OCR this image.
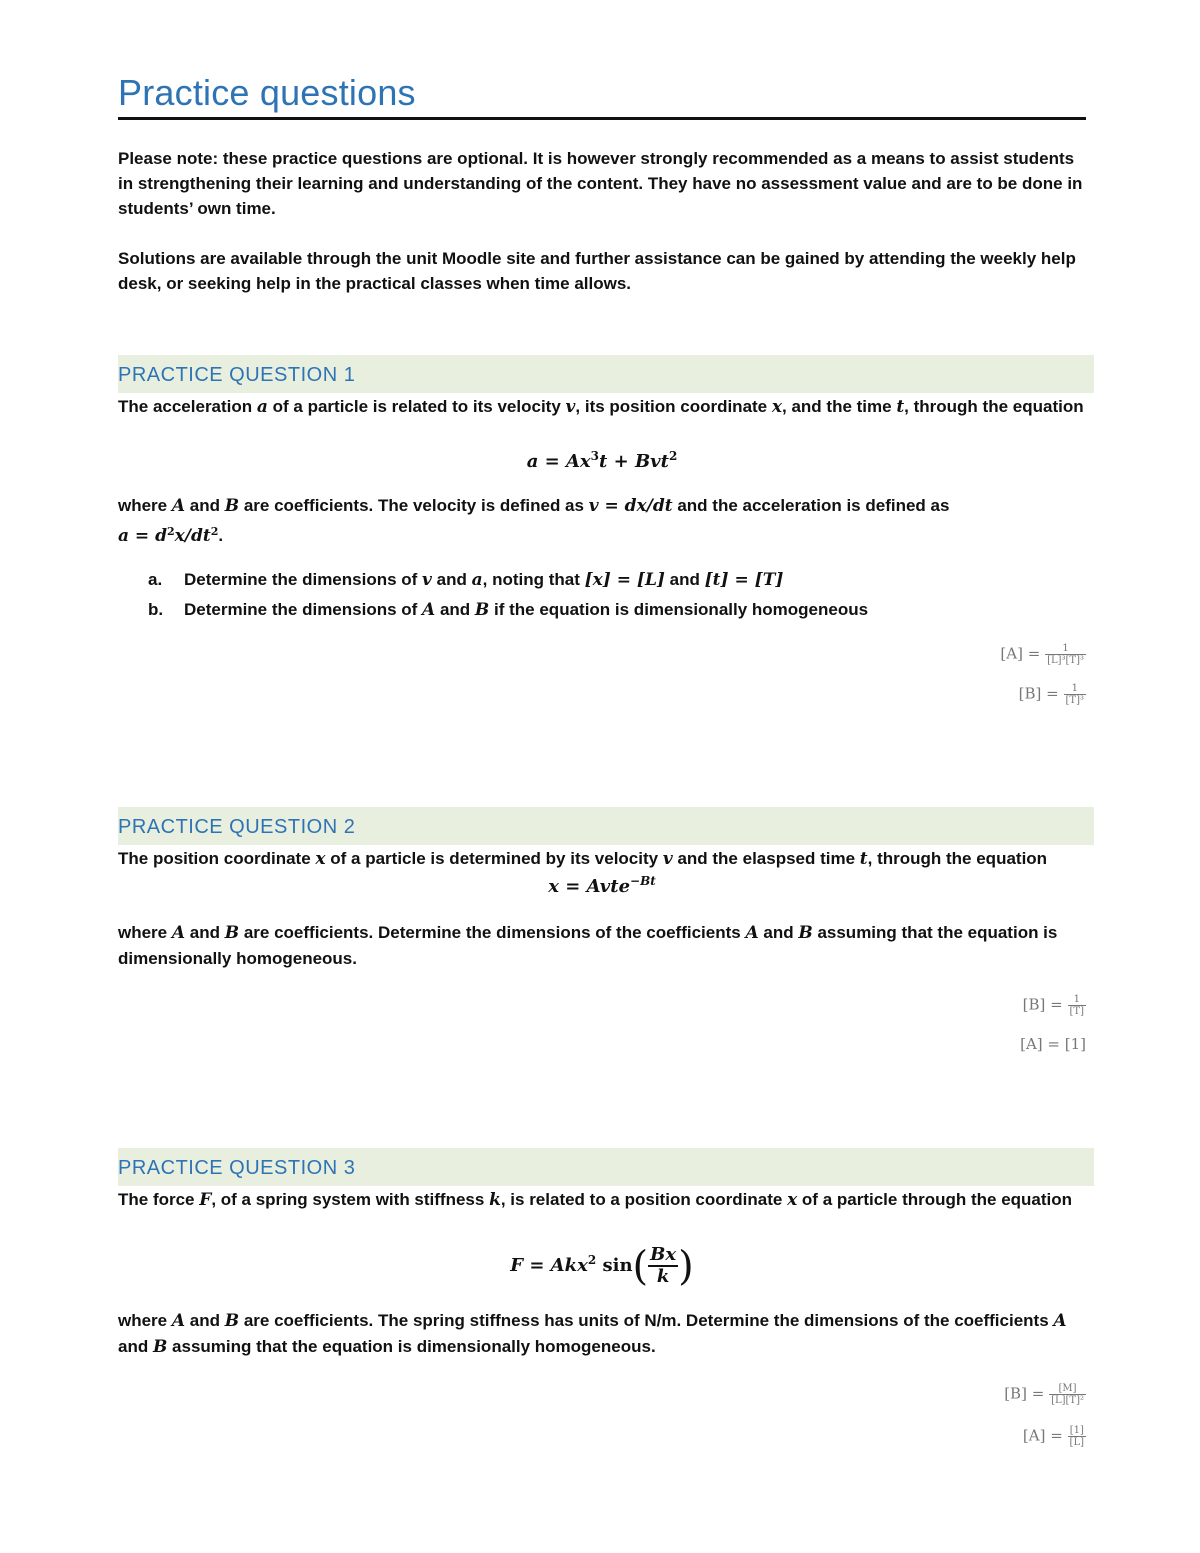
Practice questions

Please note: these practice questions are optional. It is however strongly recommended as a means to assist students in strengthening their learning and understanding of the content. They have no assessment value and are to be done in students’ own time.

Solutions are available through the unit Moodle site and further assistance can be gained by attending the weekly help desk, or seeking help in the practical classes when time allows.

PRACTICE QUESTION 1

The acceleration a of a particle is related to its velocity v, its position coordinate x, and the time t, through the equation

$a = Ax^3t + Bvt^2$

where A and B are coefficients. The velocity is defined as v = dx/dt and the acceleration is defined as
$a = d^2x/dt^2$.

a. Determine the dimensions of v and a, noting that [x] = [L] and [t] = [T]

b. Determine the dimensions of A and B if the equation is dimensionally homogeneous

$[A] = \frac{1}{\text{[L]³[T]³}}$
$[B] = \frac{1}{\text{[T]³}}$
PRACTICE QUESTION 2

The position coordinate x of a particle is determined by its velocity v and the elaspsed time t, through the equation

x = Avte$^{-Bt}$

where A and B are coefficients. Determine the dimensions of the coefficients A and B assuming that the equation is dimensionally homogeneous.

$[B] = \frac{1}{[T]}$
[A] = [1]
PRACTICE QUESTION 3

The force F, of a spring system with stiffness k, is related to a position coordinate x of a particle through the equation

F = Akx$^2$ $\sin( \frac{Bx}{k}$ )

where A and B are coefficients. The spring stiffness has units of N/m. Determine the dimensions of the coefficients A
and B assuming that the equation is dimensionally homogeneous.

$[B] = \frac{[M]}{\text{[L][T]²}}$
$[A] = \frac{[1]}{[L]}$
